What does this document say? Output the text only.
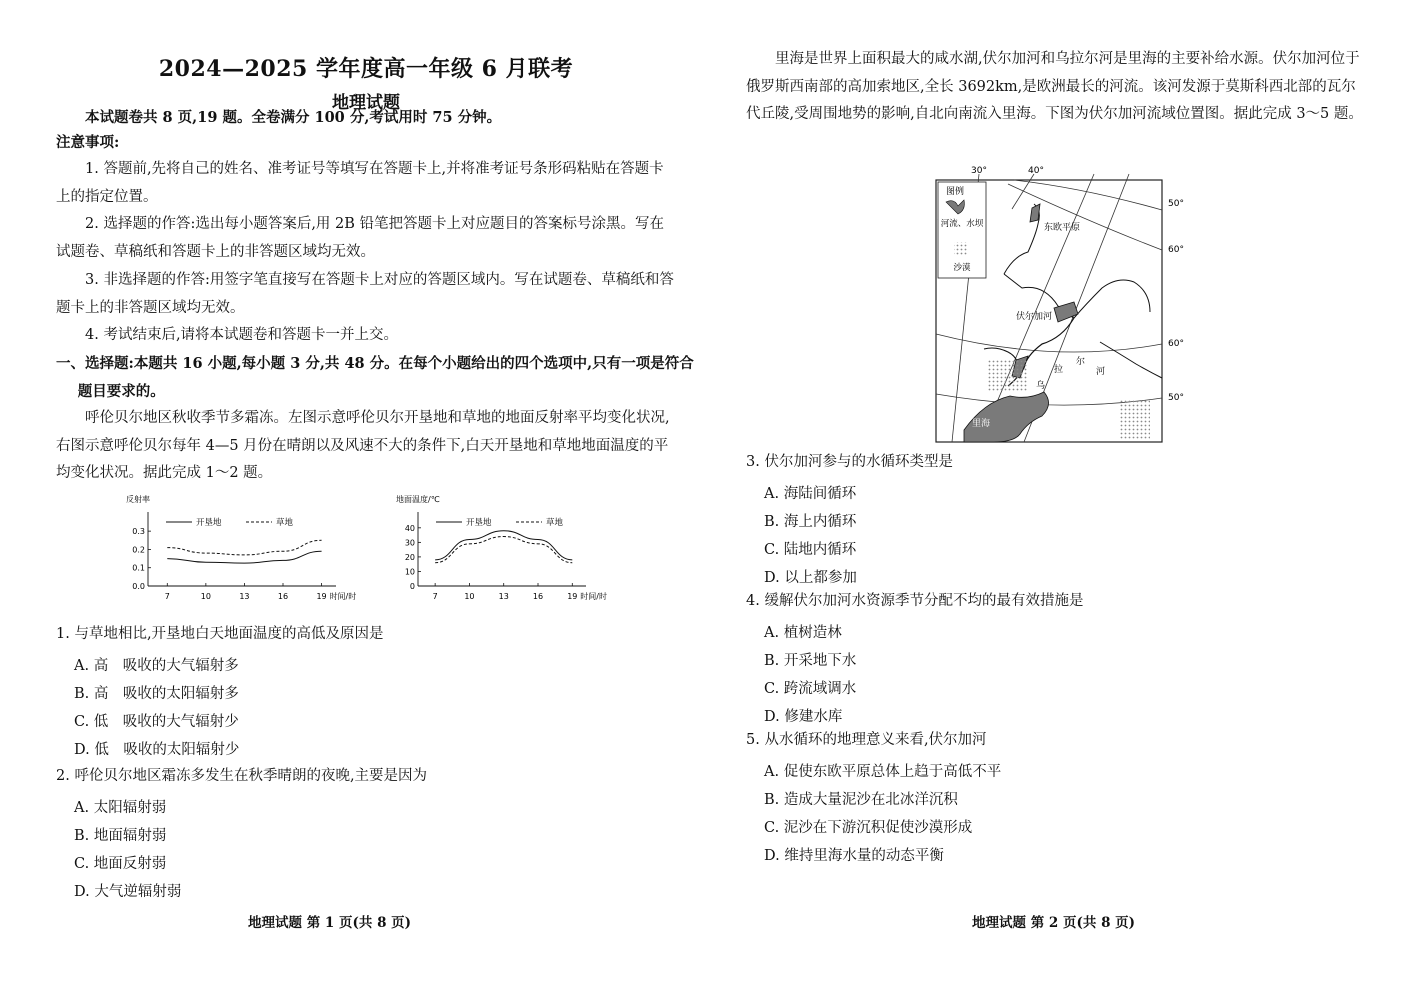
2024—2025 学年度高一年级 6 月联考
地理试题
本试题卷共 8 页,19 题。全卷满分 100 分,考试用时 75 分钟。
注意事项:
1. 答题前,先将自己的姓名、准考证号等填写在答题卡上,并将准考证号条形码粘贴在答题卡上的指定位置。
2. 选择题的作答:选出每小题答案后,用 2B 铅笔把答题卡上对应题目的答案标号涂黑。写在试题卷、草稿纸和答题卡上的非答题区域均无效。
3. 非选择题的作答:用签字笔直接写在答题卡上对应的答题区域内。写在试题卷、草稿纸和答题卡上的非答题区域均无效。
4. 考试结束后,请将本试题卷和答题卡一并上交。
一、选择题:本题共 16 小题,每小题 3 分,共 48 分。在每个小题给出的四个选项中,只有一项是符合题目要求的。
呼伦贝尔地区秋收季节多霜冻。左图示意呼伦贝尔开垦地和草地的地面反射率平均变化状况,右图示意呼伦贝尔每年 4—5 月份在晴朗以及风速不大的条件下,白天开垦地和草地地面温度的平均变化状况。据此完成 1～2 题。
反射率
时间/时
7	10	13	16	19
0.0
0.1
0.2
0.3
开垦地	草地
地面温度/℃
时间/时
7	10	13	16	19
0
10
20
30
40
开垦地	草地
1. 与草地相比,开垦地白天地面温度的高低及原因是
A. 高　吸收的大气辐射多
B. 高　吸收的太阳辐射多
C. 低　吸收的大气辐射少
D. 低　吸收的太阳辐射少
2. 呼伦贝尔地区霜冻多发生在秋季晴朗的夜晚,主要是因为
A. 太阳辐射弱
B. 地面辐射弱
C. 地面反射弱
D. 大气逆辐射弱
地理试题 第 1 页(共 8 页)
里海是世界上面积最大的咸水湖,伏尔加河和乌拉尔河是里海的主要补给水源。伏尔加河位于俄罗斯西南部的高加索地区,全长 3692km,是欧洲最长的河流。该河发源于莫斯科西北部的瓦尔代丘陵,受周围地势的影响,自北向南流入里海。下图为伏尔加河流域位置图。据此完成 3～5 题。
图例
河流、水坝
沙漠
30°	40°
50°
60°
60°
50°
东欧平原
伏尔加河
拉
尔
河
乌
里海
3. 伏尔加河参与的水循环类型是
A. 海陆间循环
B. 海上内循环
C. 陆地内循环
D. 以上都参加
4. 缓解伏尔加河水资源季节分配不均的最有效措施是
A. 植树造林
B. 开采地下水
C. 跨流域调水
D. 修建水库
5. 从水循环的地理意义来看,伏尔加河
A. 促使东欧平原总体上趋于高低不平
B. 造成大量泥沙在北冰洋沉积
C. 泥沙在下游沉积促使沙漠形成
D. 维持里海水量的动态平衡
地理试题 第 2 页(共 8 页)
